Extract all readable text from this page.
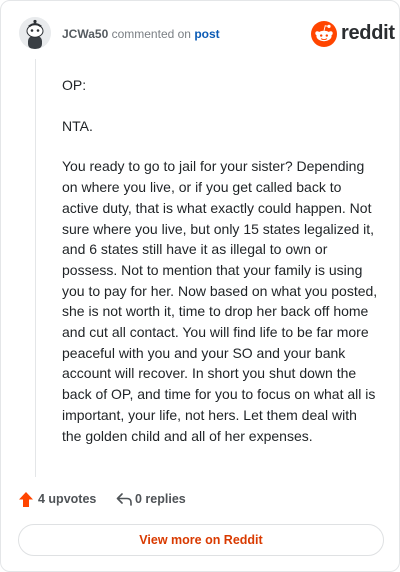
JCWa50 commented on post	reddit

OP:

NTA.

You ready to go to jail for your sister? Depending on where you live, or if you get called back to active duty, that is what exactly could happen. Not sure where you live, but only 15 states legalized it, and 6 states still have it as illegal to own or possess. Not to mention that your family is using you to pay for her. Now based on what you posted, she is not worth it, time to drop her back off home and cut all contact. You will find life to be far more peaceful with you and your SO and your bank account will recover. In short you shut down the back of OP, and time for you to focus on what all is important, your life, not hers. Let them deal with the golden child and all of her expenses.

4 upvotes	0 replies
View more on Reddit
